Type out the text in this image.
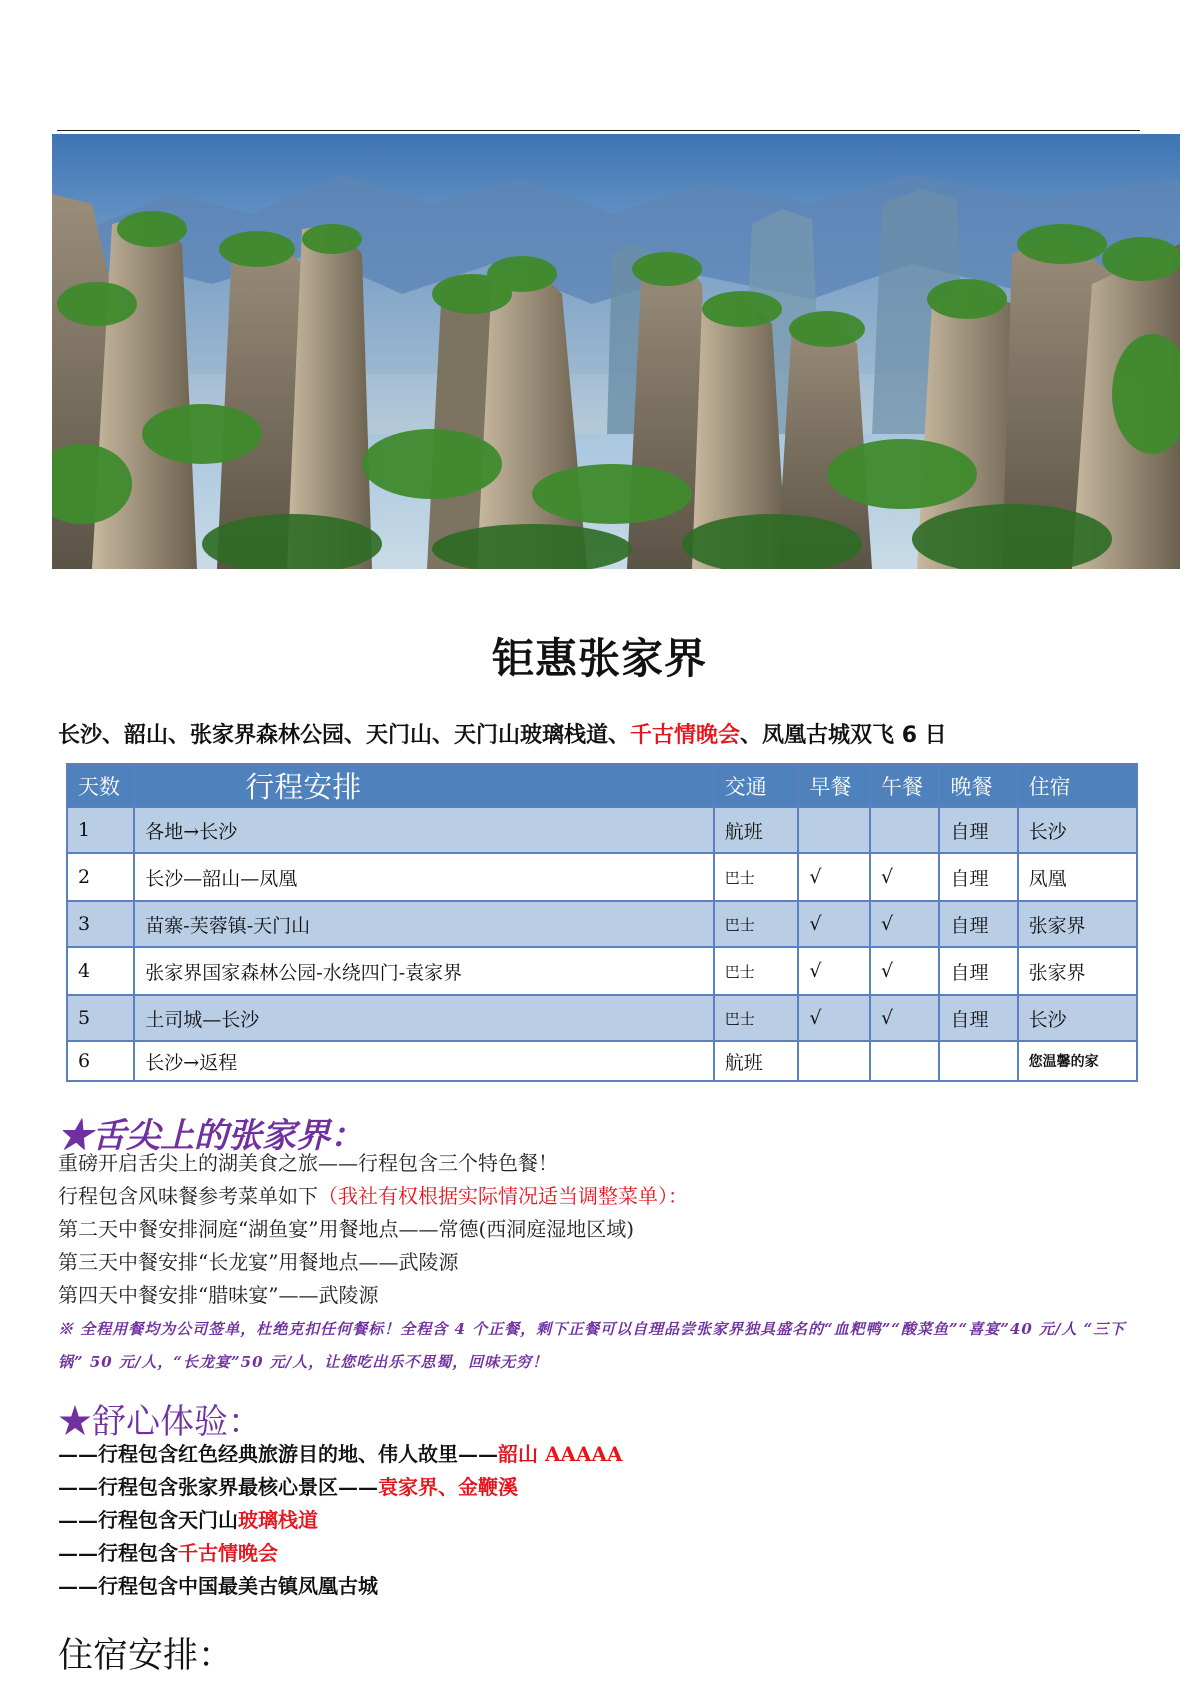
钜惠张家界
长沙、韶山、张家界森林公园、天门山、天门山玻璃栈道、千古情晚会、凤凰古城双飞 6 日
天数	行程安排	交通	早餐	午餐	晚餐	住宿
1	各地→长沙	航班			自理	长沙
2	长沙—韶山—凤凰	巴士	√	√	自理	凤凰
3	苗寨-芙蓉镇-天门山	巴士	√	√	自理	张家界
4	张家界国家森林公园-水绕四门-袁家界	巴士	√	√	自理	张家界
5	土司城—长沙	巴士	√	√	自理	长沙
6	长沙→返程	航班				您温馨的家
★舌尖上的张家界：
重磅开启舌尖上的湖美食之旅——行程包含三个特色餐！
行程包含风味餐参考菜单如下（我社有权根据实际情况适当调整菜单）：
第二天中餐安排洞庭“湖鱼宴”用餐地点——常德(西洞庭湿地区域)
第三天中餐安排“长龙宴”用餐地点——武陵源
第四天中餐安排“腊味宴”——武陵源
※ 全程用餐均为公司签单，杜绝克扣任何餐标！全程含 4 个正餐，剩下正餐可以自理品尝张家界独具盛名的“血粑鸭”“酸菜鱼”“喜宴”40 元/人 “三下锅” 50 元/人，“长龙宴”50 元/人，让您吃出乐不思蜀，回味无穷！
★舒心体验：
——行程包含红色经典旅游目的地、伟人故里——韶山 AAAAA
——行程包含张家界最核心景区——袁家界、金鞭溪
——行程包含天门山玻璃栈道
——行程包含千古情晚会
——行程包含中国最美古镇凤凰古城
住宿安排：
